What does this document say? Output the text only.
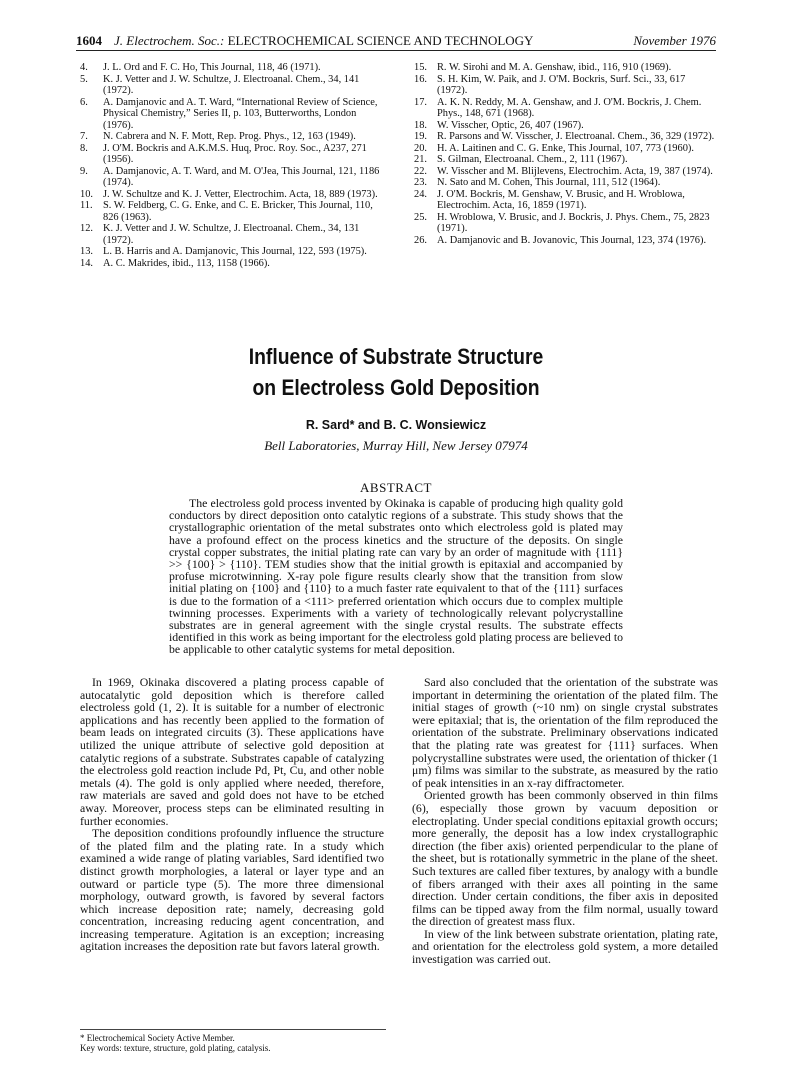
1604 J. Electrochem. Soc.: ELECTROCHEMICAL SCIENCE AND TECHNOLOGY	November 1976

4. J. L. Ord and F. C. Ho, This Journal, 118, 46 (1971).

5. K. J. Vetter and J. W. Schultze, J. Electroanal. Chem., 34, 141 (1972).

6. A. Damjanovic and A. T. Ward, “International Review of Science, Physical Chemistry,” Series II, p. 103, Butterworths, London (1976).

7. N. Cabrera and N. F. Mott, Rep. Prog. Phys., 12, 163 (1949).

8. J. O'M. Bockris and A.K.M.S. Huq, Proc. Roy. Soc., A237, 271 (1956).

9. A. Damjanovic, A. T. Ward, and M. O'Jea, This Journal, 121, 1186 (1974).

10. J. W. Schultze and K. J. Vetter, Electrochim. Acta, 18, 889 (1973).

11. S. W. Feldberg, C. G. Enke, and C. E. Bricker, This Journal, 110, 826 (1963).

12. K. J. Vetter and J. W. Schultze, J. Electroanal. Chem., 34, 131 (1972).

13. L. B. Harris and A. Damjanovic, This Journal, 122, 593 (1975).

14. A. C. Makrides, ibid., 113, 1158 (1966).

15. R. W. Sirohi and M. A. Genshaw, ibid., 116, 910 (1969).

16. S. H. Kim, W. Paik, and J. O'M. Bockris, Surf. Sci., 33, 617 (1972).

17. A. K. N. Reddy, M. A. Genshaw, and J. O'M. Bockris, J. Chem. Phys., 148, 671 (1968).

18. W. Visscher, Optic, 26, 407 (1967).

19. R. Parsons and W. Visscher, J. Electroanal. Chem., 36, 329 (1972).

20. H. A. Laitinen and C. G. Enke, This Journal, 107, 773 (1960).

21. S. Gilman, Electroanal. Chem., 2, 111 (1967).

22. W. Visscher and M. Blijlevens, Electrochim. Acta, 19, 387 (1974).

23. N. Sato and M. Cohen, This Journal, 111, 512 (1964).

24. J. O'M. Bockris, M. Genshaw, V. Brusic, and H. Wroblowa, Electrochim. Acta, 16, 1859 (1971).

25. H. Wroblowa, V. Brusic, and J. Bockris, J. Phys. Chem., 75, 2823 (1971).

26. A. Damjanovic and B. Jovanovic, This Journal, 123, 374 (1976).

Influence of Substrate Structure
on Electroless Gold Deposition
R. Sard* and B. C. Wonsiewicz
Bell Laboratories, Murray Hill, New Jersey 07974
ABSTRACT

The electroless gold process invented by Okinaka is capable of producing high quality gold conductors by direct deposition onto catalytic regions of a substrate. This study shows that the crystallographic orientation of the metal substrates onto which electroless gold is plated may have a profound effect on the process kinetics and the structure of the deposits. On single crystal copper substrates, the initial plating rate can vary by an order of magnitude with {111} >> {100} > {110}. TEM studies show that the initial growth is epitaxial and accompanied by profuse microtwinning. X-ray pole figure results clearly show that the transition from slow initial plating on {100} and {110} to a much faster rate equivalent to that of the {111} surfaces is due to the formation of a <111> preferred orientation which occurs due to complex multiple twinning processes. Experiments with a variety of technologically relevant polycrystalline substrates are in general agreement with the single crystal results. The substrate effects identified in this work as being important for the electroless gold plating process are believed to be applicable to other catalytic systems for metal deposition.

In 1969, Okinaka discovered a plating process capable of autocatalytic gold deposition which is therefore called electroless gold (1, 2). It is suitable for a number of electronic applications and has recently been applied to the formation of beam leads on integrated circuits (3). These applications have utilized the unique attribute of selective gold deposition at catalytic regions of a substrate. Substrates capable of catalyzing the electroless gold reaction include Pd, Pt, Cu, and other noble metals (4). The gold is only applied where needed, therefore, raw materials are saved and gold does not have to be etched away. Moreover, process steps can be eliminated resulting in further economies.

The deposition conditions profoundly influence the structure of the plated film and the plating rate. In a study which examined a wide range of plating variables, Sard identified two distinct growth morphologies, a lateral or layer type and an outward or particle type (5). The more three dimensional morphology, outward growth, is favored by several factors which increase deposition rate; namely, decreasing gold concentration, increasing reducing agent concentration, and increasing temperature. Agitation is an exception; increasing agitation increases the deposition rate but favors lateral growth.

Sard also concluded that the orientation of the substrate was important in determining the orientation of the plated film. The initial stages of growth (~10 nm) on single crystal substrates were epitaxial; that is, the orientation of the film reproduced the orientation of the substrate. Preliminary observations indicated that the plating rate was greatest for {111} surfaces. When polycrystalline substrates were used, the orientation of thicker (1 μm) films was similar to the substrate, as measured by the ratio of peak intensities in an x-ray diffractometer.

Oriented growth has been commonly observed in thin films (6), especially those grown by vacuum deposition or electroplating. Under special conditions epitaxial growth occurs; more generally, the deposit has a low index crystallographic direction (the fiber axis) oriented perpendicular to the plane of the sheet, but is rotationally symmetric in the plane of the sheet. Such textures are called fiber textures, by analogy with a bundle of fibers arranged with their axes all pointing in the same direction. Under certain conditions, the fiber axis in deposited films can be tipped away from the film normal, usually toward the direction of greatest mass flux.

In view of the link between substrate orientation, plating rate, and orientation for the electroless gold system, a more detailed investigation was carried out.

* Electrochemical Society Active Member.
Key words: texture, structure, gold plating, catalysis.
